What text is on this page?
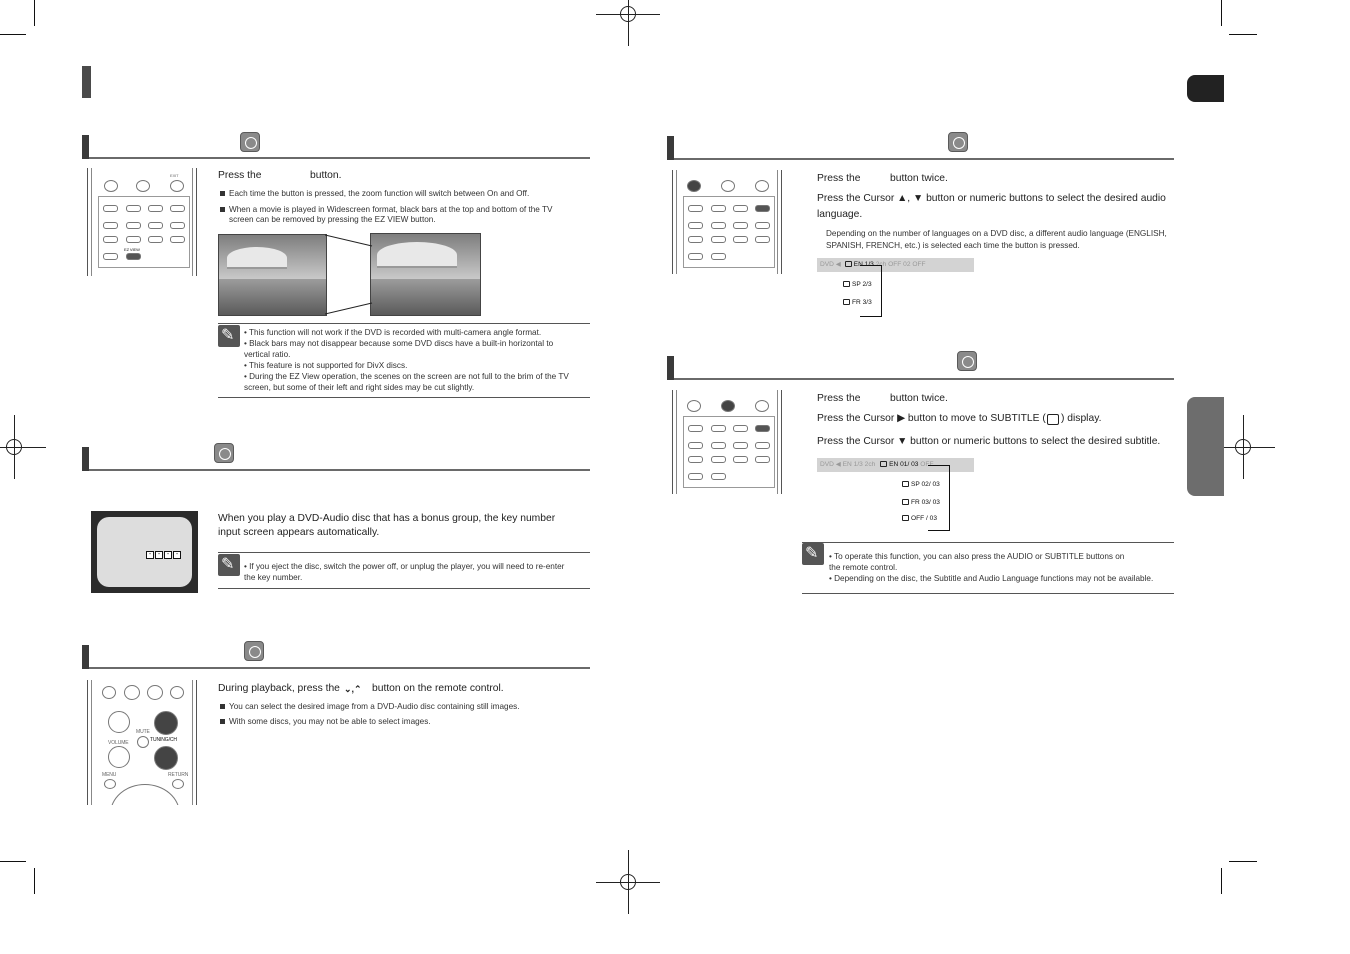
EXIT
EZ VIEW
Press the	button.
Each time the button is pressed, the zoom function will switch between On and Off.
When a movie is played in Widescreen format, black bars at the top and bottom of the TV
screen can be removed by pressing the EZ VIEW button.
✎
• This function will not work if the DVD is recorded with multi-camera angle format.
• Black bars may not disappear because some DVD discs have a built-in horizontal to
vertical ratio.
• This feature is not supported for DivX discs.
• During the EZ View operation, the scenes on the screen are not full to the brim of the TV
screen, but some of their left and right sides may be cut slightly.
- - - -
When you play a DVD-Audio disc that has a bonus group, the key number
input screen appears automatically.
✎
• If you eject the disc, switch the power off, or unplug the player, you will need to re-enter
the key number.
VOLUME
MUTE
TUNING/CH
MENU	RETURN
During playback, press the ⌄,⌃ button on the remote control.
You can select the desired image from a DVD-Audio disc containing still images.
With some discs, you may not be able to select images.
Press the	button twice.
Press the Cursor ▲, ▼ button or numeric buttons to select the desired audio
language.
Depending on the number of languages on a DVD disc, a different audio language (ENGLISH,
SPANISH, FRENCH, etc.) is selected each time the button is pressed.
DVD ◀ EN 1/3 2ch OFF 02 OFF
SP 2/3
FR 3/3
Press the	button twice.
Press the Cursor ▶ button to move to SUBTITLE ( ) display.
Press the Cursor ▼ button or numeric buttons to select the desired subtitle.
DVD ◀ EN 1/3 2ch EN 01/ 03 OFF
SP 02/ 03
FR 03/ 03
OFF / 03
✎
• To operate this function, you can also press the AUDIO or SUBTITLE buttons on
the remote control.
• Depending on the disc, the Subtitle and Audio Language functions may not be available.
